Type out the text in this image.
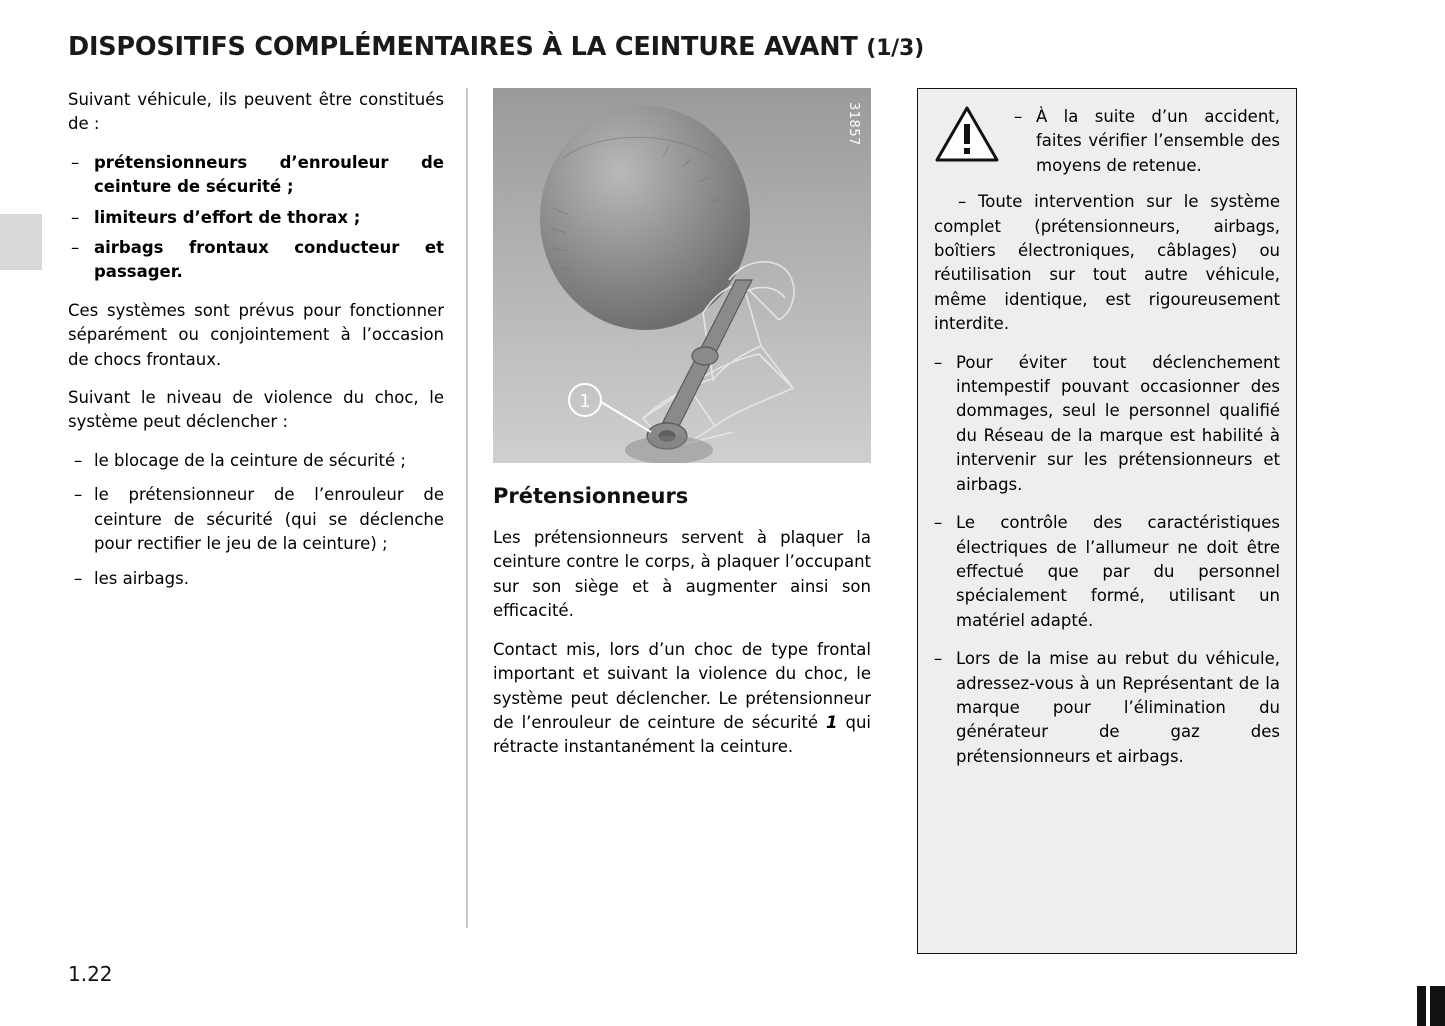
DISPOSITIFS COMPLÉMENTAIRES À LA CEINTURE AVANT (1/3)

Suivant véhicule, ils peuvent être constitués de :

– prétensionneurs d’enrouleur de ceinture de sécurité ;
– limiteurs d’effort de thorax ;
– airbags frontaux conducteur et passager.

Ces systèmes sont prévus pour fonctionner séparément ou conjointement à l’occasion de chocs frontaux.

Suivant le niveau de violence du choc, le système peut déclencher :

– le blocage de la ceinture de sécurité ;
– le prétensionneur de l’enrouleur de ceinture de sécurité (qui se déclenche pour rectifier le jeu de la ceinture) ;
– les airbags.
1
31857
Prétensionneurs

Les prétensionneurs servent à plaquer la ceinture contre le corps, à plaquer l’occupant sur son siège et à augmenter ainsi son efficacité.

Contact mis, lors d’un choc de type frontal important et suivant la violence du choc, le système peut déclencher. Le prétensionneur de l’enrouleur de ceinture de sécurité 1 qui rétracte instantanément la ceinture.

– À la suite d’un accident, faites vérifier l’ensemble des moyens de retenue.

– Toute intervention sur le système complet (prétensionneurs, airbags, boîtiers électroniques, câblages) ou réutilisation sur tout autre véhicule, même identique, est rigoureusement interdite.

– Pour éviter tout déclenchement intempestif pouvant occasionner des dommages, seul le personnel qualifié du Réseau de la marque est habilité à intervenir sur les prétensionneurs et airbags.

– Le contrôle des caractéristiques électriques de l’allumeur ne doit être effectué que par du personnel spécialement formé, utilisant un matériel adapté.

– Lors de la mise au rebut du véhicule, adressez-vous à un Représentant de la marque pour l’élimination du générateur de gaz des prétensionneurs et airbags.

1.22
